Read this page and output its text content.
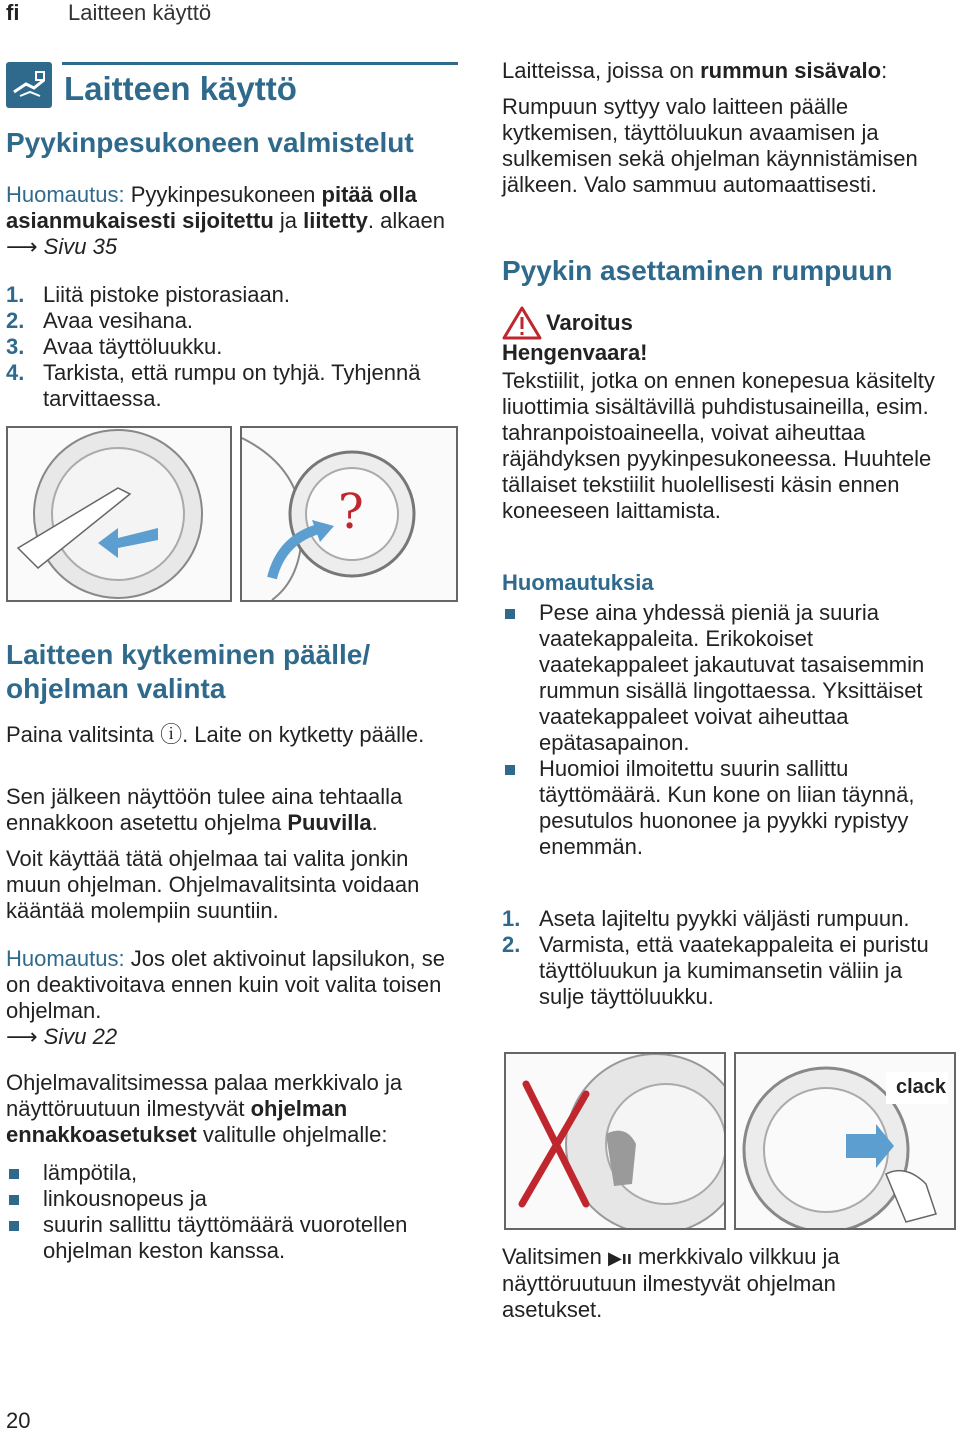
fi Laitteen käyttö
Laitteen käyttö
Pyykinpesukoneen valmistelut
Huomautus: Pyykinpesukoneen pitää olla asianmukaisesti sijoitettu ja liitetty. alkaen ⟶ Sivu 35
1. Liitä pistoke pistorasiaan.
2. Avaa vesihana.
3. Avaa täyttöluukku.
4. Tarkista, että rumpu on tyhjä. Tyhjennä tarvittaessa.
?
Laitteen kytkeminen päälle/
ohjelman valinta
Paina valitsinta ⓘ. Laite on kytketty päälle.
Sen jälkeen näyttöön tulee aina tehtaalla ennakkoon asetettu ohjelma Puuvilla.
Voit käyttää tätä ohjelmaa tai valita jonkin muun ohjelman. Ohjelmavalitsinta voidaan kääntää molempiin suuntiin.
Huomautus: Jos olet aktivoinut lapsilukon, se on deaktivoitava ennen kuin voit valita toisen ohjelman.
⟶ Sivu 22
Ohjelmavalitsimessa palaa merkkivalo ja näyttöruutuun ilmestyvät ohjelman ennakkoasetukset valitulle ohjelmalle:
lämpötila,
linkousnopeus ja
suurin sallittu täyttömäärä vuorotellen ohjelman keston kanssa.
20
Laitteissa, joissa on rummun sisävalo:
Rumpuun syttyy valo laitteen päälle kytkemisen, täyttöluukun avaamisen ja sulkemisen sekä ohjelman käynnistämisen jälkeen. Valo sammuu automaattisesti.
Pyykin asettaminen rumpuun
Varoitus
Hengenvaara!
Tekstiilit, jotka on ennen konepesua käsitelty liuottimia sisältävillä puhdistusaineilla, esim. tahranpoistoaineella, voivat aiheuttaa räjähdyksen pyykinpesukoneessa. Huuhtele tällaiset tekstiilit huolellisesti käsin ennen koneeseen laittamista.
Huomautuksia
Pese aina yhdessä pieniä ja suuria vaatekappaleita. Erikokoiset vaatekappaleet jakautuvat tasaisemmin rummun sisällä lingottaessa. Yksittäiset vaatekappaleet voivat aiheuttaa epätasapainon.
Huomioi ilmoitettu suurin sallittu täyttömäärä. Kun kone on liian täynnä, pesutulos huononee ja pyykki rypistyy enemmän.
1. Aseta lajiteltu pyykki väljästi rumpuun.
2. Varmista, että vaatekappaleita ei puristu täyttöluukun ja kumimansetin väliin ja sulje täyttöluukku.
clack
Valitsimen ▶ıı merkkivalo vilkkuu ja näyttöruutuun ilmestyvät ohjelman asetukset.
